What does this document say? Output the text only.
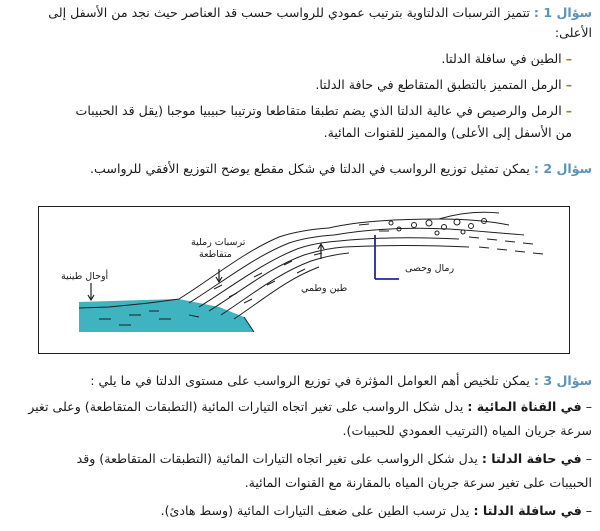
سؤال 1 : تتميز الترسبات الدلتاوية بترتيب عمودي للرواسب حسب قد العناصر حيث نجد من الأسفل إلى
الأعلى:
– الطين في سافلة الدلتا.
– الرمل المتميز بالتطبق المتقاطع في حافة الدلتا.
– الرمل والرصيص في عالية الدلتا الذي يضم تطبقا متقاطعا وترتيبا حبيبيا موجبا (يقل قد الحبيبات
من الأسفل إلى الأعلى) والمميز للقنوات المائية.
سؤال 2 : يمكن تمثيل توزيع الرواسب في الدلتا في شكل مقطع يوضح التوزيع الأفقي للرواسب.
أوحال طينية
ترسبات رملية
متقاطعة
طين وطمي
رمال وحصى
سؤال 3 : يمكن تلخيص أهم العوامل المؤثرة في توزيع الرواسب على مستوى الدلتا في ما يلي :
– في القناة المائية : يدل شكل الرواسب على تغير اتجاه التيارات المائية (التطبقات المتقاطعة) وعلى تغير
سرعة جريان المياه (الترتيب العمودي للحبيبات).
– في حافة الدلتا : يدل شكل الرواسب على تغير اتجاه التيارات المائية (التطبقات المتقاطعة) وقد
الحبيبات على تغير سرعة جريان المياه بالمقارنة مع القنوات المائية.
– في سافلة الدلتا : يدل ترسب الطين على ضعف التيارات المائية (وسط هادئ).
